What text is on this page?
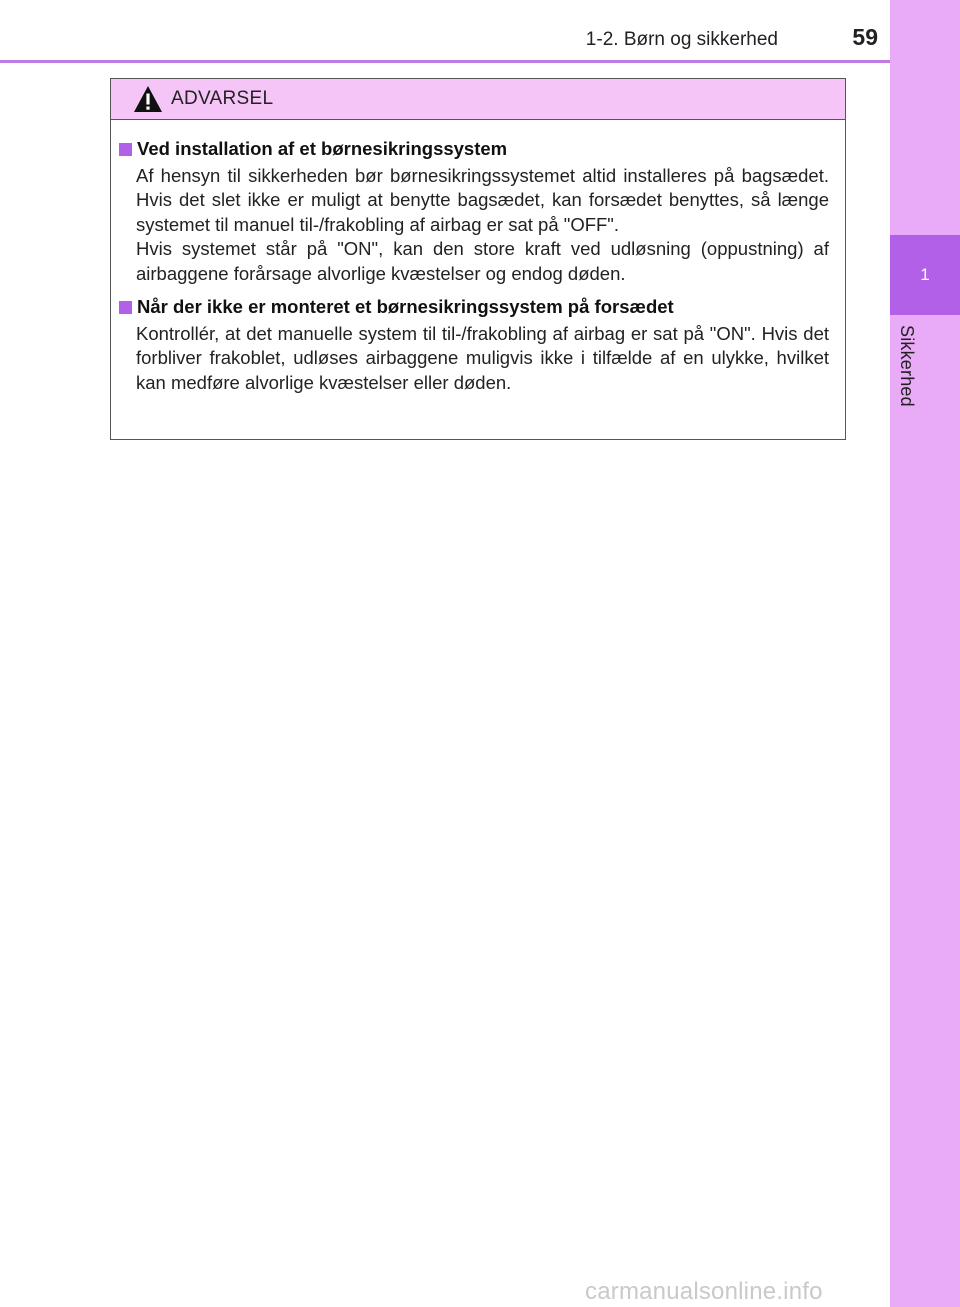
1
Sikkerhed
1-2. Børn og sikkerhed	59
ADVARSEL
Ved installation af et børnesikringssystem

Af hensyn til sikkerheden bør børnesikringssystemet altid installeres på bagsædet. Hvis det slet ikke er muligt at benytte bagsædet, kan forsædet benyttes, så længe systemet til manuel til-/frakobling af airbag er sat på "OFF".

Hvis systemet står på "ON", kan den store kraft ved udløsning (oppustning) af airbaggene forårsage alvorlige kvæstelser og endog døden.

Når der ikke er monteret et børnesikringssystem på forsædet

Kontrollér, at det manuelle system til til-/frakobling af airbag er sat på "ON". Hvis det forbliver frakoblet, udløses airbaggene muligvis ikke i tilfælde af en ulykke, hvilket kan medføre alvorlige kvæstelser eller døden.

carmanualsonline.info
